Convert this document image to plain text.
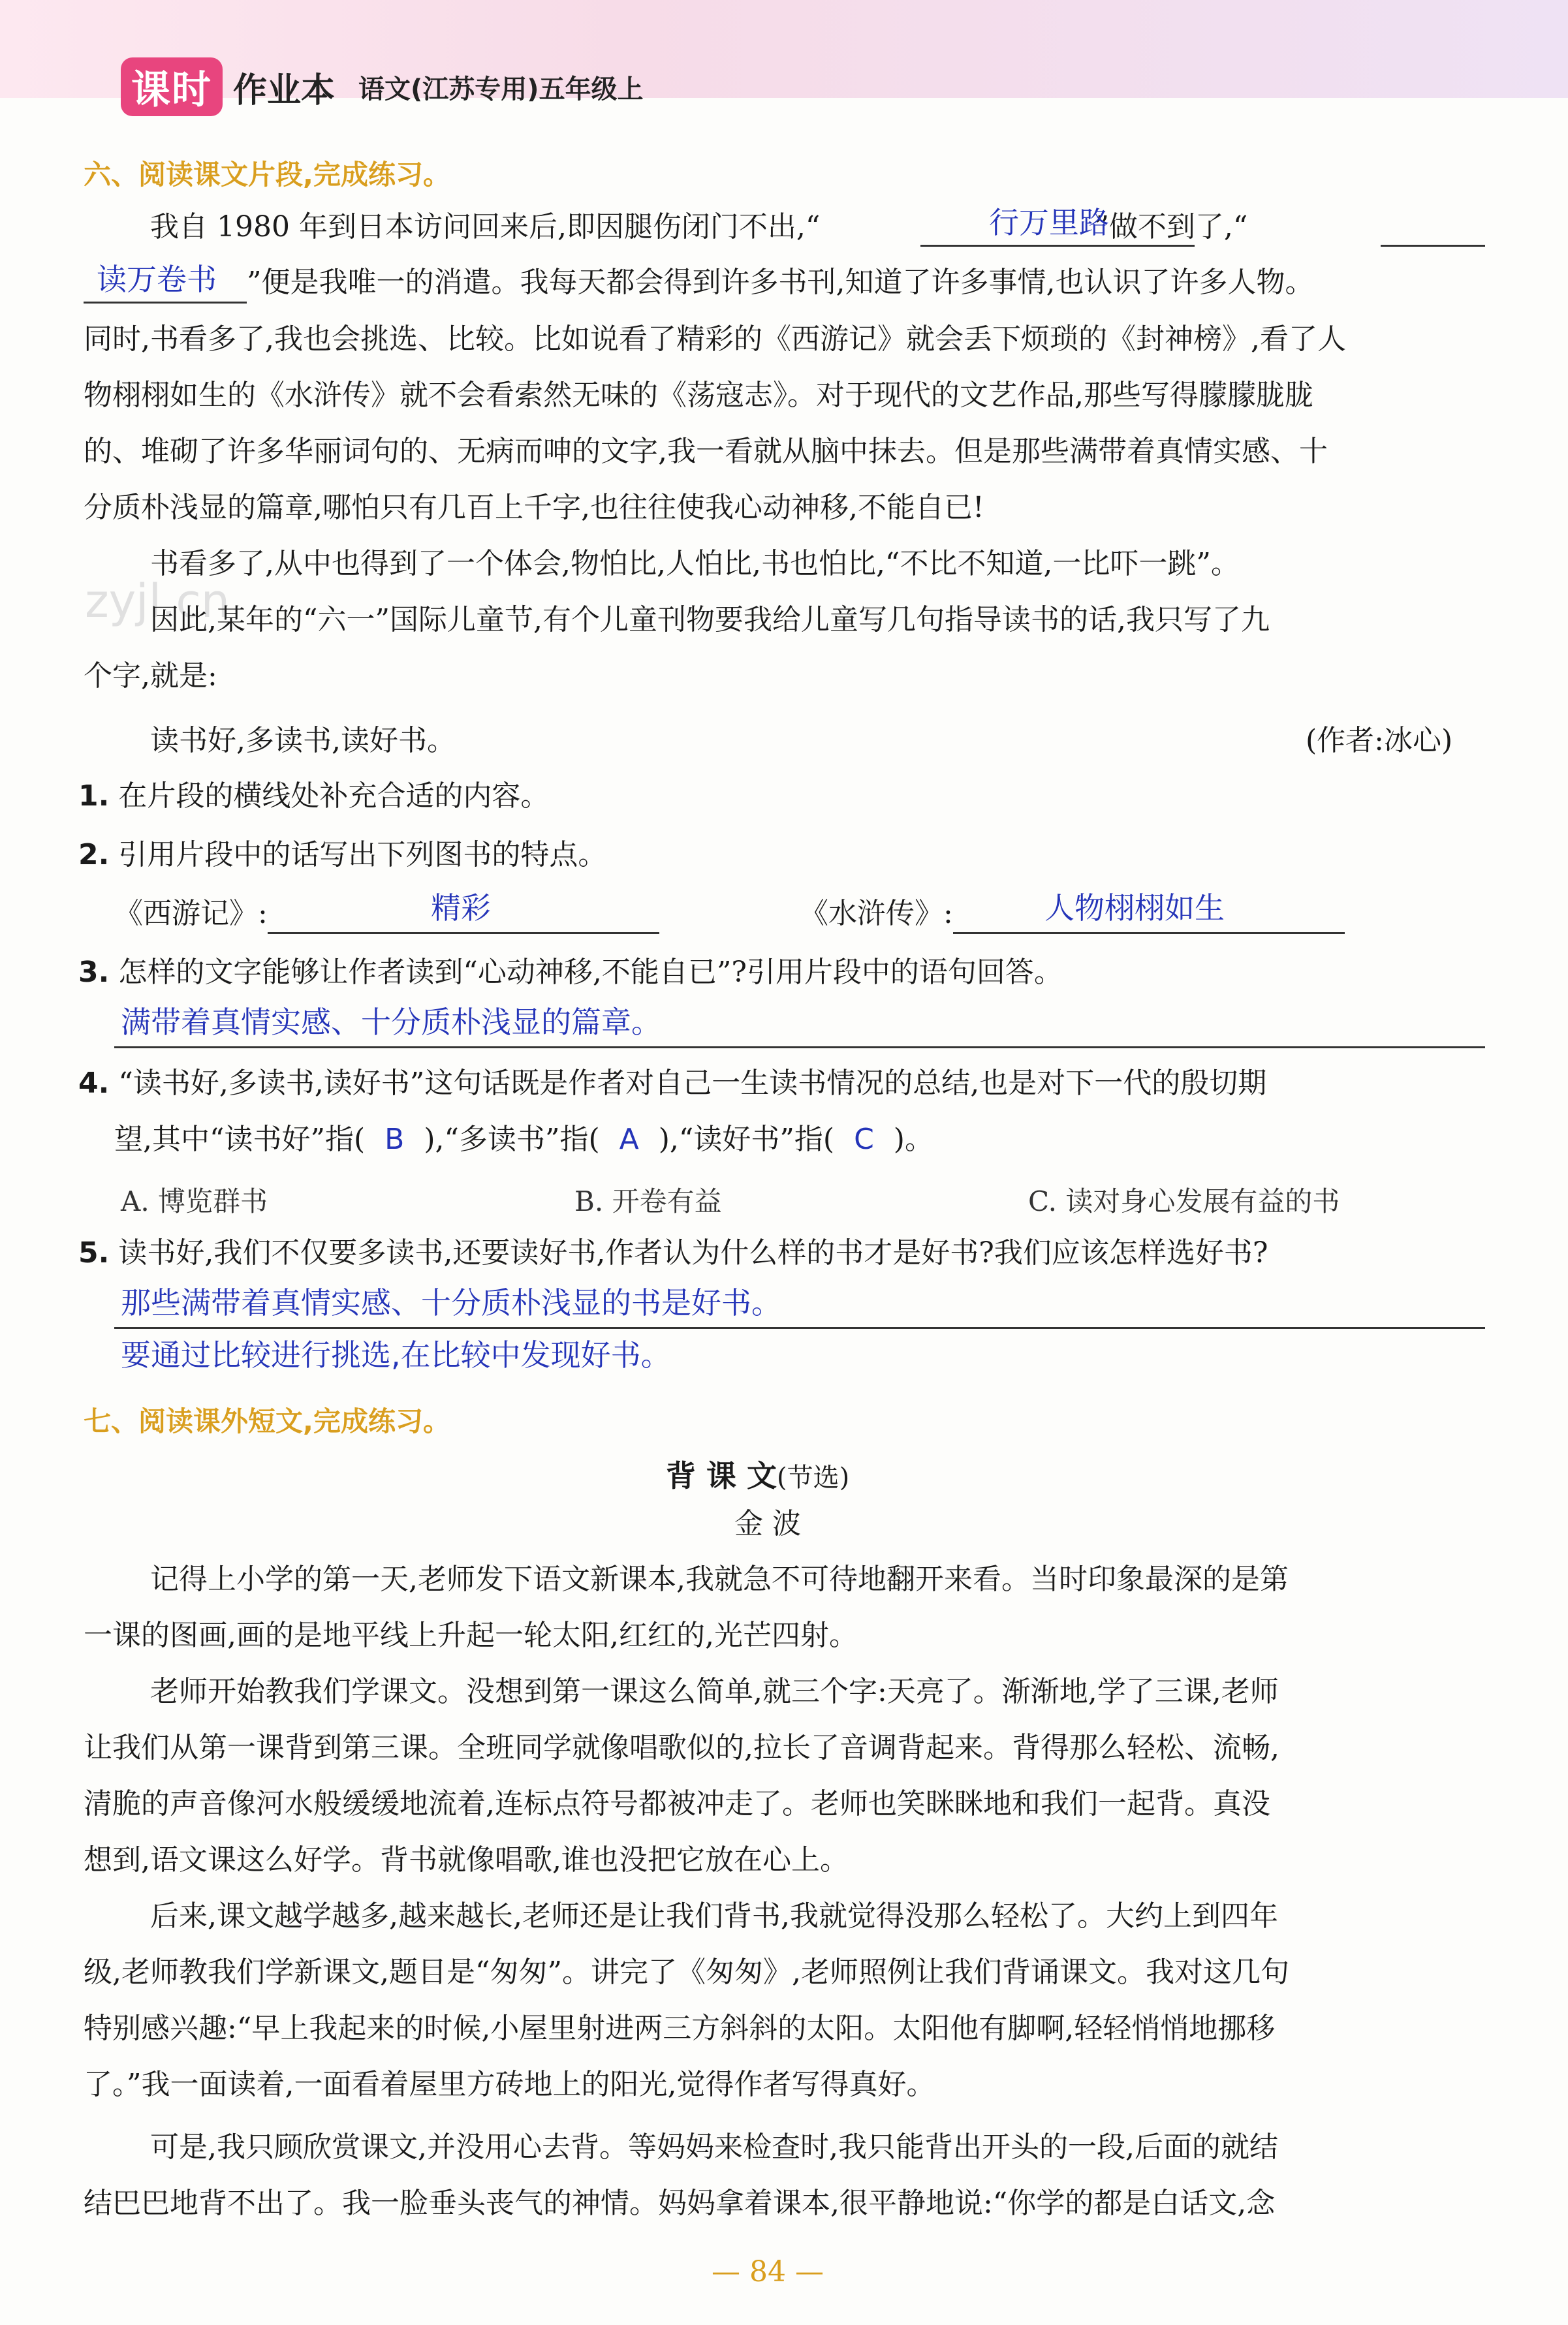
课时 作业本 语文(江苏专用)五年级上
zyjl.cn
六、阅读课文片段,完成练习。
我自 1980 年到日本访问回来后,即因腿伤闭门不出,“	”做不到了,“
行万里路
”便是我唯一的消遣。我每天都会得到许多书刊,知道了许多事情,也认识了许多人物。
读万卷书
同时,书看多了,我也会挑选、比较。比如说看了精彩的《西游记》就会丢下烦琐的《封神榜》,看了人
物栩栩如生的《水浒传》就不会看索然无味的《荡寇志》。对于现代的文艺作品,那些写得朦朦胧胧
的、堆砌了许多华丽词句的、无病而呻的文字,我一看就从脑中抹去。但是那些满带着真情实感、十
分质朴浅显的篇章,哪怕只有几百上千字,也往往使我心动神移,不能自已!
书看多了,从中也得到了一个体会,物怕比,人怕比,书也怕比,“不比不知道,一比吓一跳”。
因此,某年的“六一”国际儿童节,有个儿童刊物要我给儿童写几句指导读书的话,我只写了九
个字,就是:
读书好,多读书,读好书。	(作者:冰心)
1. 在片段的横线处补充合适的内容。
2. 引用片段中的话写出下列图书的特点。
《西游记》:	精彩	《水浒传》:	人物栩栩如生
3. 怎样的文字能够让作者读到“心动神移,不能自已”?引用片段中的语句回答。
满带着真情实感、十分质朴浅显的篇章。
4. “读书好,多读书,读好书”这句话既是作者对自己一生读书情况的总结,也是对下一代的殷切期
望,其中“读书好”指( B ),“多读书”指( A ),“读好书”指( C )。
A. 博览群书	B. 开卷有益	C. 读对身心发展有益的书
5. 读书好,我们不仅要多读书,还要读好书,作者认为什么样的书才是好书?我们应该怎样选好书?
那些满带着真情实感、十分质朴浅显的书是好书。
要通过比较进行挑选,在比较中发现好书。
七、阅读课外短文,完成练习。
背 课 文(节选)
金 波
记得上小学的第一天,老师发下语文新课本,我就急不可待地翻开来看。当时印象最深的是第
一课的图画,画的是地平线上升起一轮太阳,红红的,光芒四射。
老师开始教我们学课文。没想到第一课这么简单,就三个字:天亮了。渐渐地,学了三课,老师
让我们从第一课背到第三课。全班同学就像唱歌似的,拉长了音调背起来。背得那么轻松、流畅,
清脆的声音像河水般缓缓地流着,连标点符号都被冲走了。老师也笑眯眯地和我们一起背。真没
想到,语文课这么好学。背书就像唱歌,谁也没把它放在心上。
后来,课文越学越多,越来越长,老师还是让我们背书,我就觉得没那么轻松了。大约上到四年
级,老师教我们学新课文,题目是“匆匆”。讲完了《匆匆》,老师照例让我们背诵课文。我对这几句
特别感兴趣:“早上我起来的时候,小屋里射进两三方斜斜的太阳。太阳他有脚啊,轻轻悄悄地挪移
了。”我一面读着,一面看着屋里方砖地上的阳光,觉得作者写得真好。
可是,我只顾欣赏课文,并没用心去背。等妈妈来检查时,我只能背出开头的一段,后面的就结
结巴巴地背不出了。我一脸垂头丧气的神情。妈妈拿着课本,很平静地说:“你学的都是白话文,念
— 84 —
